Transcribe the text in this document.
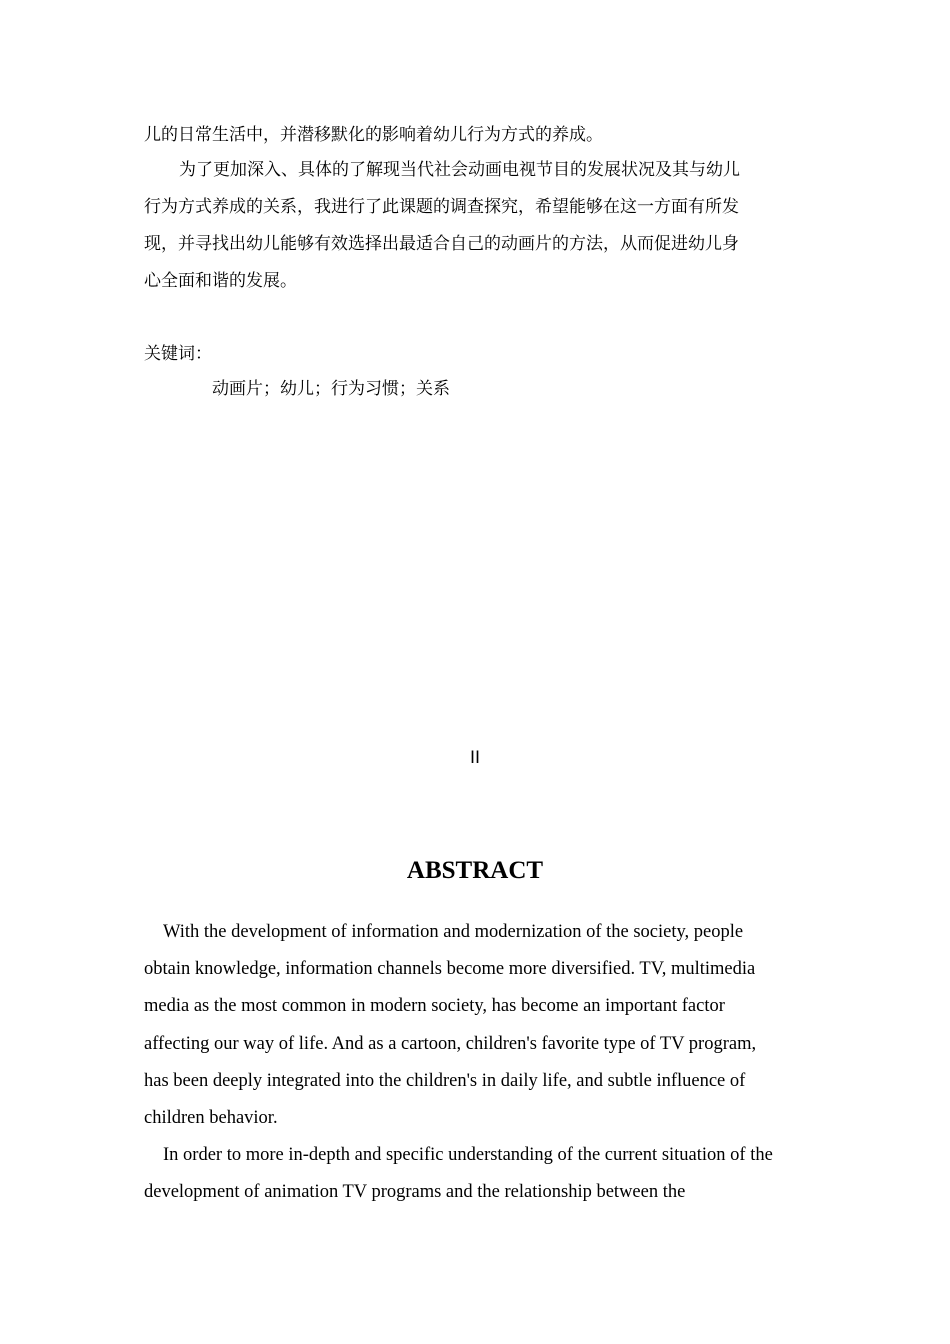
儿的日常生活中，并潜移默化的影响着幼儿行为方式的养成。
为了更加深入、具体的了解现当代社会动画电视节目的发展状况及其与幼儿
行为方式养成的关系，我进行了此课题的调查探究，希望能够在这一方面有所发
现，并寻找出幼儿能够有效选择出最适合自己的动画片的方法，从而促进幼儿身
心全面和谐的发展。

关键词：

动画片；幼儿；行为习惯；关系

II

ABSTRACT
With the development of information and modernization of the society, people
obtain knowledge, information channels become more diversified. TV, multimedia
media as the most common in modern society, has become an important factor
affecting our way of life. And as a cartoon, children's favorite type of TV program,
has been deeply integrated into the children's in daily life, and subtle influence of
children behavior.
In order to more in-depth and specific understanding of the current situation of the
development of animation TV programs and the relationship between the
